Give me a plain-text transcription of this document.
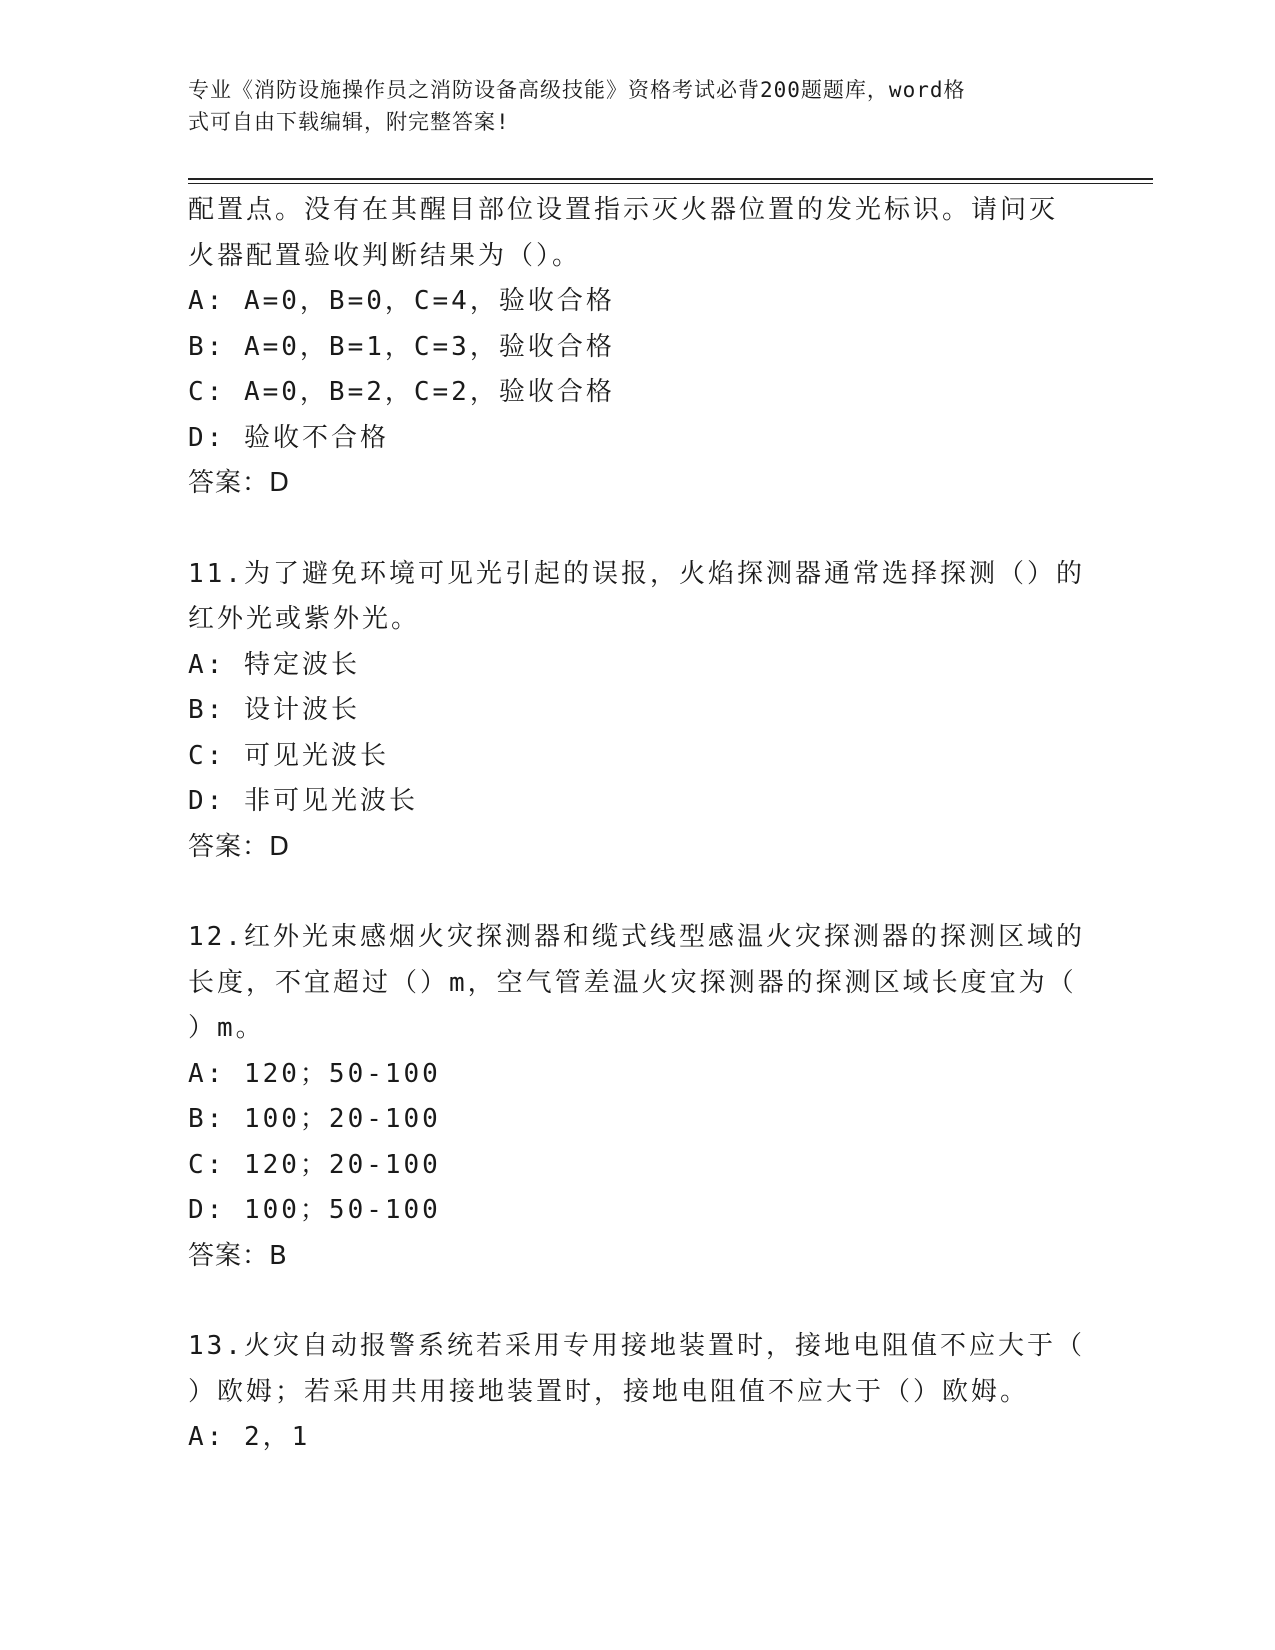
专业《消防设施操作员之消防设备高级技能》资格考试必背200题题库，word格
式可自由下载编辑，附完整答案!
配置点。没有在其醒目部位设置指示灭火器位置的发光标识。请问灭
火器配置验收判断结果为（）。
A: A=0，B=0，C=4，验收合格
B: A=0，B=1，C=3，验收合格
C: A=0，B=2，C=2，验收合格
D: 验收不合格
答案：D
11.为了避免环境可见光引起的误报，火焰探测器通常选择探测（）的
红外光或紫外光。
A: 特定波长
B: 设计波长
C: 可见光波长
D: 非可见光波长
答案：D
12.红外光束感烟火灾探测器和缆式线型感温火灾探测器的探测区域的
长度，不宜超过（）m，空气管差温火灾探测器的探测区域长度宜为（
）m。
A: 120；50-100
B: 100；20-100
C: 120；20-100
D: 100；50-100
答案：B
13.火灾自动报警系统若采用专用接地装置时，接地电阻值不应大于（
）欧姆；若采用共用接地装置时，接地电阻值不应大于（）欧姆。
A: 2，1
